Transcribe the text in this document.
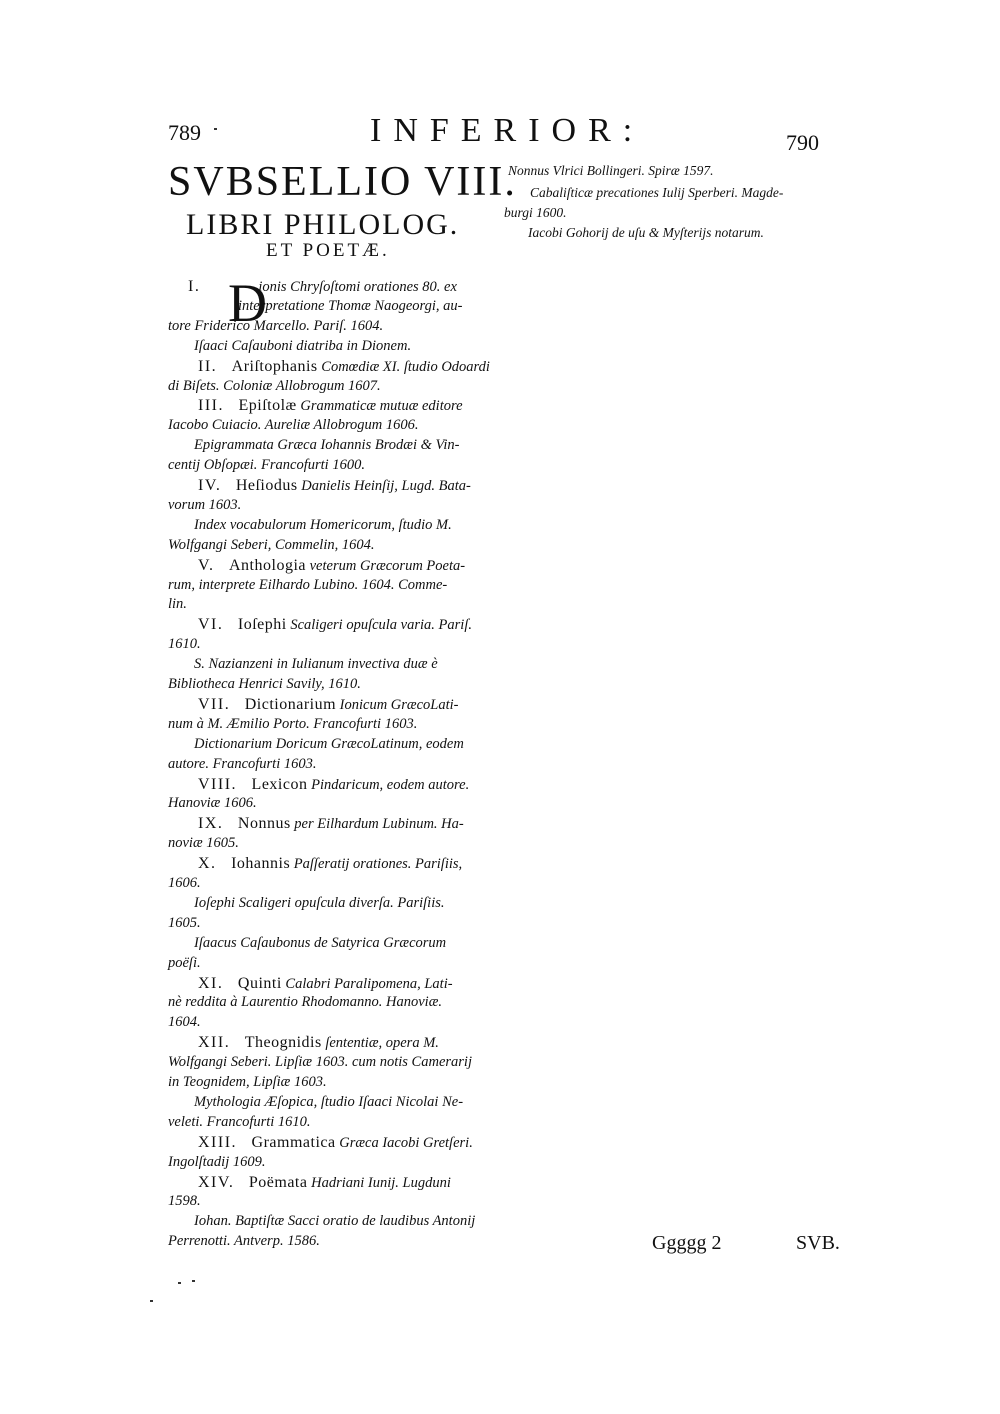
789	INFERIOR:	790
SVBSELLIO VIII.
LIBRI PHILOLOG.
ET POETÆ.
D
I.	ionis Chryſoſtomi orationes 80. ex
interpretatione Thomæ Naogeorgi, au-
tore Friderico Marcello. Pariſ. 1604.
Iſaaci Caſauboni diatriba in Dionem.
II.  Ariſtophanis Comœdiæ XI. ſtudio Odoardi
di Biſets. Coloniæ Allobrogum 1607.
III.  Epiſtolæ Grammaticæ mutuæ editore
Iacobo Cuiacio. Aureliæ Allobrogum 1606.
Epigrammata Græca Iohannis Brodæi & Vin-
centij Obſopæi. Francofurti 1600.
IV.  Heſiodus Danielis Heinſij, Lugd. Bata-
vorum 1603.
Index vocabulorum Homericorum, ſtudio M.
Wolfgangi Seberi, Commelin, 1604.
V.  Anthologia veterum Græcorum Poeta-
rum, interprete Eilhardo Lubino. 1604. Comme-
lin.
VI.  Ioſephi Scaligeri opuſcula varia. Pariſ.
1610.
S. Nazianzeni in Iulianum invectiva duæ è
Bibliotheca Henrici Savily, 1610.
VII.  Dictionarium Ionicum GræcoLati-
num à M. Æmilio Porto. Francofurti 1603.
Dictionarium Doricum GræcoLatinum, eodem
autore. Francofurti 1603.
VIII.  Lexicon Pindaricum, eodem autore.
Hanoviæ 1606.
IX.  Nonnus per Eilhardum Lubinum. Ha-
noviæ 1605.
X.  Iohannis Paſſeratij orationes. Pariſiis,
1606.
Ioſephi Scaligeri opuſcula diverſa. Pariſiis.
1605.
Iſaacus Caſaubonus de Satyrica Græcorum
poëſi.
XI.  Quinti Calabri Paralipomena, Lati-
nè reddita à Laurentio Rhodomanno. Hanoviæ.
1604.
XII.  Theognidis ſententiæ, opera M.
Wolfgangi Seberi. Lipſiæ 1603. cum notis Camerarij
in Teognidem, Lipſiæ 1603.
Mythologia Æſopica, ſtudio Iſaaci Nicolai Ne-
veleti. Francofurti 1610.
XIII.  Grammatica Græca Iacobi Gretſeri.
Ingolſtadij 1609.
XIV.  Poëmata Hadriani Iunij. Lugduni
1598.
Iohan. Baptiſtæ Sacci oratio de laudibus Antonij
Perrenotti. Antverp. 1586.
Nonnus Vlrici Bollingeri. Spiræ 1597.
Cabaliſticæ precationes Iulij Sperberi. Magde-
burgi 1600.
Iacobi Gohorij de uſu & Myſterijs notarum.
Ggggg 2	SVB.
